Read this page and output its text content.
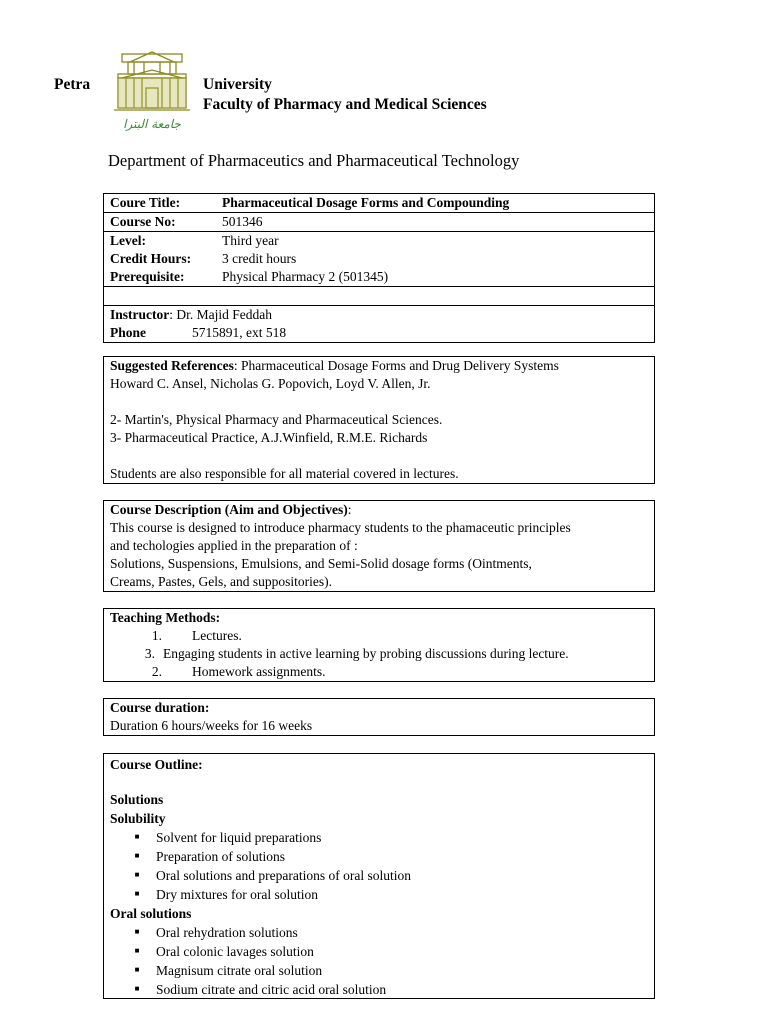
Petra
جامعة البترا
University
Faculty of Pharmacy and Medical Sciences
Department of Pharmaceutics and Pharmaceutical Technology
Coure Title:	Pharmaceutical Dosage Forms and Compounding
Course No:	501346
Level:	Third year
Credit Hours:	3 credit hours
Prerequisite:	Physical Pharmacy 2 (501345)
Instructor : Dr. Majid Feddah
Phone	5715891, ext 518
Suggested References: Pharmaceutical Dosage Forms and Drug Delivery Systems
Howard C. Ansel, Nicholas G. Popovich, Loyd V. Allen, Jr.
2- Martin's, Physical Pharmacy and Pharmaceutical Sciences.
3- Pharmaceutical Practice, A.J.Winfield, R.M.E. Richards
Students are also responsible for all material covered in lectures.
Course Description (Aim and Objectives):
This course is designed to introduce pharmacy students to the phamaceutic principles
and techologies applied in the preparation of :
Solutions, Suspensions, Emulsions, and Semi-Solid dosage forms (Ointments,
Creams, Pastes, Gels, and suppositories).
Teaching Methods:
1.	Lectures.
3. Engaging students in active learning by probing discussions during lecture.
2.	Homework assignments.
Course duration:
Duration 6 hours/weeks for 16 weeks
Course Outline:
Solutions
Solubility
■	Solvent for liquid preparations
■	Preparation of solutions
■	Oral solutions and preparations of oral solution
■	Dry mixtures for oral solution
Oral solutions
■	Oral rehydration solutions
■	Oral colonic lavages solution
■	Magnisum citrate oral solution
■	Sodium citrate and citric acid oral solution
